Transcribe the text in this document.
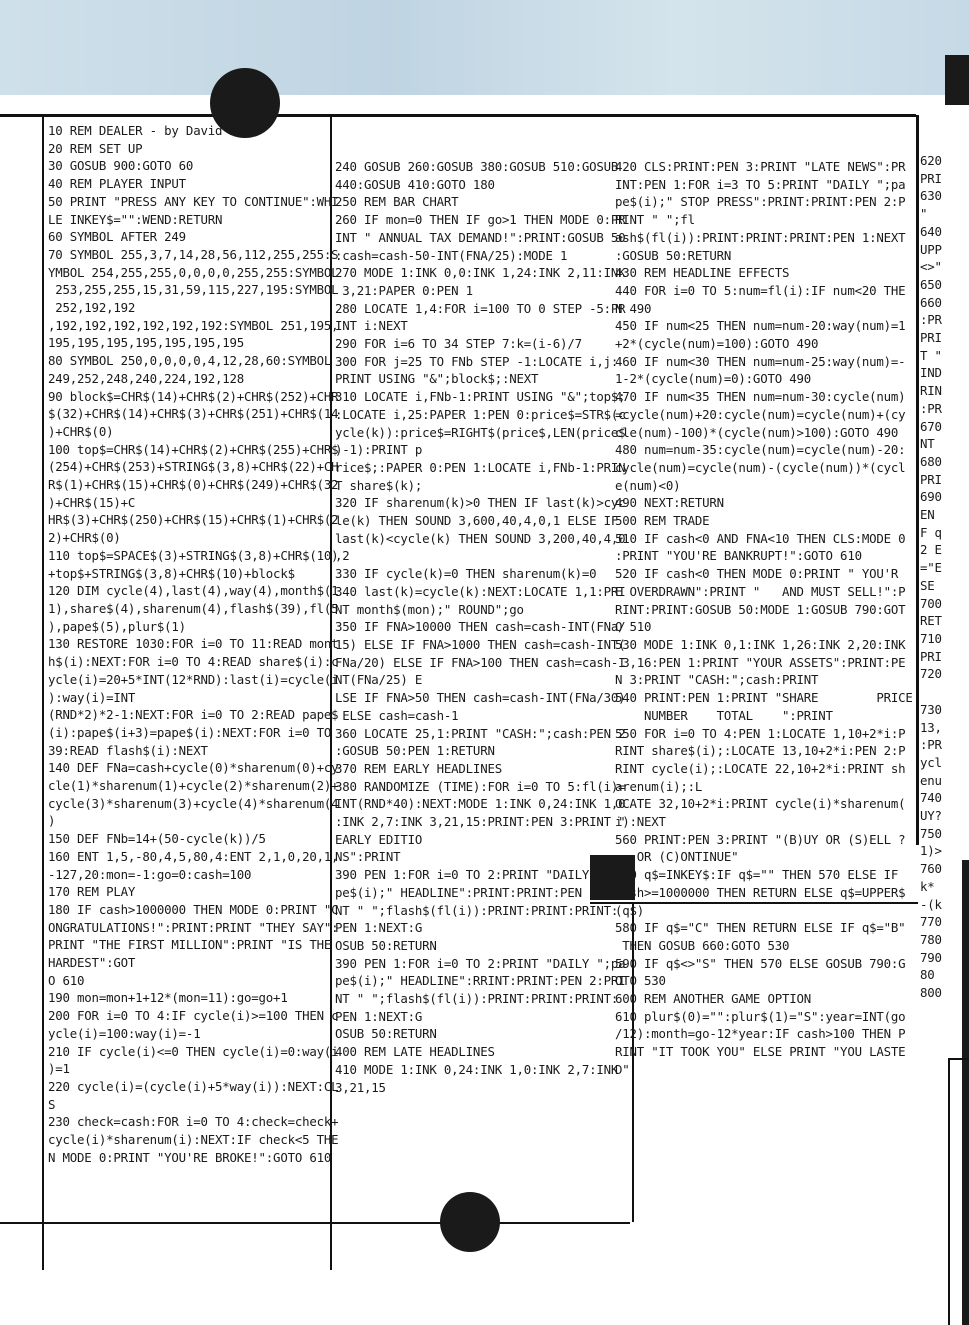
10 REM DEALER - by David Muir
20 REM SET UP
30 GOSUB 900:GOTO 60
40 REM PLAYER INPUT
50 PRINT "PRESS ANY KEY TO CONTINUE":WHI
LE INKEY$="":WEND:RETURN
60 SYMBOL AFTER 249
70 SYMBOL 255,3,7,14,28,56,112,255,255:S
YMBOL 254,255,255,0,0,0,0,255,255:SYMBOL
253,255,255,15,31,59,115,227,195:SYMBOL
252,192,192
,192,192,192,192,192,192:SYMBOL 251,195,
195,195,195,195,195,195,195
80 SYMBOL 250,0,0,0,0,4,12,28,60:SYMBOL
249,252,248,240,224,192,128
90 block$=CHR$(14)+CHR$(2)+CHR$(252)+CHR
$(32)+CHR$(14)+CHR$(3)+CHR$(251)+CHR$(14
)+CHR$(0)
100 top$=CHR$(14)+CHR$(2)+CHR$(255)+CHR$
(254)+CHR$(253)+STRING$(3,8)+CHR$(22)+CH
R$(1)+CHR$(15)+CHR$(0)+CHR$(249)+CHR$(32
)+CHR$(15)+C
HR$(3)+CHR$(250)+CHR$(15)+CHR$(1)+CHR$(2
2)+CHR$(0)
110 top$=SPACE$(3)+STRING$(3,8)+CHR$(10)
+top$+STRING$(3,8)+CHR$(10)+block$
120 DIM cycle(4),last(4),way(4),month$(1
1),share$(4),sharenum(4),flash$(39),fl(5
),pape$(5),plur$(1)
130 RESTORE 1030:FOR i=0 TO 11:READ mont
h$(i):NEXT:FOR i=0 TO 4:READ share$(i):c
ycle(i)=20+5*INT(12*RND):last(i)=cycle(i
):way(i)=INT
(RND*2)*2-1:NEXT:FOR i=0 TO 2:READ pape$
(i):pape$(i+3)=pape$(i):NEXT:FOR i=0 TO
39:READ flash$(i):NEXT
140 DEF FNa=cash+cycle(0)*sharenum(0)+cy
cle(1)*sharenum(1)+cycle(2)*sharenum(2)+
cycle(3)*sharenum(3)+cycle(4)*sharenum(4
)
150 DEF FNb=14+(50-cycle(k))/5
160 ENT 1,5,-80,4,5,80,4:ENT 2,1,0,20,1,
-127,20:mon=-1:go=0:cash=100
170 REM PLAY
180 IF cash>1000000 THEN MODE 0:PRINT "C
ONGRATULATIONS!":PRINT:PRINT "THEY SAY":
PRINT "THE FIRST MILLION":PRINT "IS THE
HARDEST":GOT
O 610
190 mon=mon+1+12*(mon=11):go=go+1
200 FOR i=0 TO 4:IF cycle(i)>=100 THEN c
ycle(i)=100:way(i)=-1
210 IF cycle(i)<=0 THEN cycle(i)=0:way(i
)=1
220 cycle(i)=(cycle(i)+5*way(i)):NEXT:CL
S
230 check=cash:FOR i=0 TO 4:check=check+
cycle(i)*sharenum(i):NEXT:IF check<5 THE
N MODE 0:PRINT "YOU'RE BROKE!":GOTO 610
240 GOSUB 260:GOSUB 380:GOSUB 510:GOSUB
440:GOSUB 410:GOTO 180
250 REM BAR CHART
260 IF mon=0 THEN IF go>1 THEN MODE 0:PR
INT " ANNUAL TAX DEMAND!":PRINT:GOSUB 50
:cash=cash-50-INT(FNA/25):MODE 1
270 MODE 1:INK 0,0:INK 1,24:INK 2,11:INK
3,21:PAPER 0:PEN 1
280 LOCATE 1,4:FOR i=100 TO 0 STEP -5:PR
INT i:NEXT
290 FOR i=6 TO 34 STEP 7:k=(i-6)/7
300 FOR j=25 TO FNb STEP -1:LOCATE i,j:
PRINT USING "&";block$;:NEXT
310 LOCATE i,FNb-1:PRINT USING "&";top$;
:LOCATE i,25:PAPER 1:PEN 0:price$=STR$(c
ycle(k)):price$=RIGHT$(price$,LEN(price$
)-1):PRINT p
rice$;:PAPER 0:PEN 1:LOCATE i,FNb-1:PRIN
T share$(k);
320 IF sharenum(k)>0 THEN IF last(k)>cyc
le(k) THEN SOUND 3,600,40,4,0,1 ELSE IF
last(k)<cycle(k) THEN SOUND 3,200,40,4,0
,2
330 IF cycle(k)=0 THEN sharenum(k)=0
340 last(k)=cycle(k):NEXT:LOCATE 1,1:PRI
NT month$(mon);" ROUND";go
350 IF FNA>10000 THEN cash=cash-INT(FNa/
15) ELSE IF FNA>1000 THEN cash=cash-INT(
FNa/20) ELSE IF FNA>100 THEN cash=cash-I
NT(FNa/25) E
LSE IF FNA>50 THEN cash=cash-INT(FNa/30)
ELSE cash=cash-1
360 LOCATE 25,1:PRINT "CASH:";cash:PEN 2
:GOSUB 50:PEN 1:RETURN
370 REM EARLY HEADLINES
380 RANDOMIZE (TIME):FOR i=0 TO 5:fl(i)=
INT(RND*40):NEXT:MODE 1:INK 0,24:INK 1,0
:INK 2,7:INK 3,21,15:PRINT:PEN 3:PRINT "
EARLY EDITIO
NS":PRINT
390 PEN 1:FOR i=0 TO 2:PRINT "DAILY ";pa
pe$(i);" HEADLINE":PRINT:PRINT:PEN 2:PRI
NT " ";flash$(fl(i)):PRINT:PRINT:PRINT:
PEN 1:NEXT:G
OSUB 50:RETURN
390 PEN 1:FOR i=0 TO 2:PRINT "DAILY ";pa
pe$(i);" HEADLINE":RRINT:PRINT:PEN 2:PRI
NT " ";flash$(fl(i)):PRINT:PRINT:PRINT:
PEN 1:NEXT:G
OSUB 50:RETURN
400 REM LATE HEADLINES
410 MODE 1:INK 0,24:INK 1,0:INK 2,7:INK
3,21,15
420 CLS:PRINT:PEN 3:PRINT "LATE NEWS":PR
INT:PEN 1:FOR i=3 TO 5:PRINT "DAILY ";pa
pe$(i);" STOP PRESS":PRINT:PRINT:PEN 2:P
RINT " ";fl
ash$(fl(i)):PRINT:PRINT:PRINT:PEN 1:NEXT
:GOSUB 50:RETURN
430 REM HEADLINE EFFECTS
440 FOR i=0 TO 5:num=fl(i):IF num<20 THE
N 490
450 IF num<25 THEN num=num-20:way(num)=1
+2*(cycle(num)=100):GOTO 490
460 IF num<30 THEN num=num-25:way(num)=-
1-2*(cycle(num)=0):GOTO 490
470 IF num<35 THEN num=num-30:cycle(num)
=cycle(num)+20:cycle(num)=cycle(num)+(cy
cle(num)-100)*(cycle(num)>100):GOTO 490
480 num=num-35:cycle(num)=cycle(num)-20:
cycle(num)=cycle(num)-(cycle(num))*(cycl
e(num)<0)
490 NEXT:RETURN
500 REM TRADE
510 IF cash<0 AND FNA<10 THEN CLS:MODE 0
:PRINT "YOU'RE BANKRUPT!":GOTO 610
520 IF cash<0 THEN MODE 0:PRINT " YOU'R
E OVERDRAWN":PRINT "   AND MUST SELL!":P
RINT:PRINT:GOSUB 50:MODE 1:GOSUB 790:GOT
O 510
530 MODE 1:INK 0,1:INK 1,26:INK 2,20:INK
3,16:PEN 1:PRINT "YOUR ASSETS":PRINT:PE
N 3:PRINT "CASH:";cash:PRINT
540 PRINT:PEN 1:PRINT "SHARE        PRICE
NUMBER    TOTAL    ":PRINT
550 FOR i=0 TO 4:PEN 1:LOCATE 1,10+2*i:P
RINT share$(i);:LOCATE 13,10+2*i:PEN 2:P
RINT cycle(i);:LOCATE 22,10+2*i:PRINT sh
arenum(i);:L
OCATE 32,10+2*i:PRINT cycle(i)*sharenum(
i):NEXT
560 PRINT:PEN 3:PRINT "(B)UY OR (S)ELL ?
- OR (C)ONTINUE"
570 q$=INKEY$:IF q$="" THEN 570 ELSE IF
cash>=1000000 THEN RETURN ELSE q$=UPPER$
(q$)
580 IF q$="C" THEN RETURN ELSE IF q$="B"
THEN GOSUB 660:GOTO 530
590 IF q$<>"S" THEN 570 ELSE GOSUB 790:G
OTO 530
600 REM ANOTHER GAME OPTION
610 plur$(0)="":plur$(1)="S":year=INT(go
/12):month=go-12*year:IF cash>100 THEN P
RINT "IT TOOK YOU" ELSE PRINT "YOU LASTE
D"
620
PRI
630
"
640
UPP
<>"
650
660
:PR
PRI
T "
IND
RIN
:PR
670
NT
680
PRI
690
EN
F q
2 E
="E
SE
700
RET
710
PRI
720

730
13,
:PR
ycl
enu
740
UY?
750
1)>
760
k*
-(k
770
780
790
80
800
